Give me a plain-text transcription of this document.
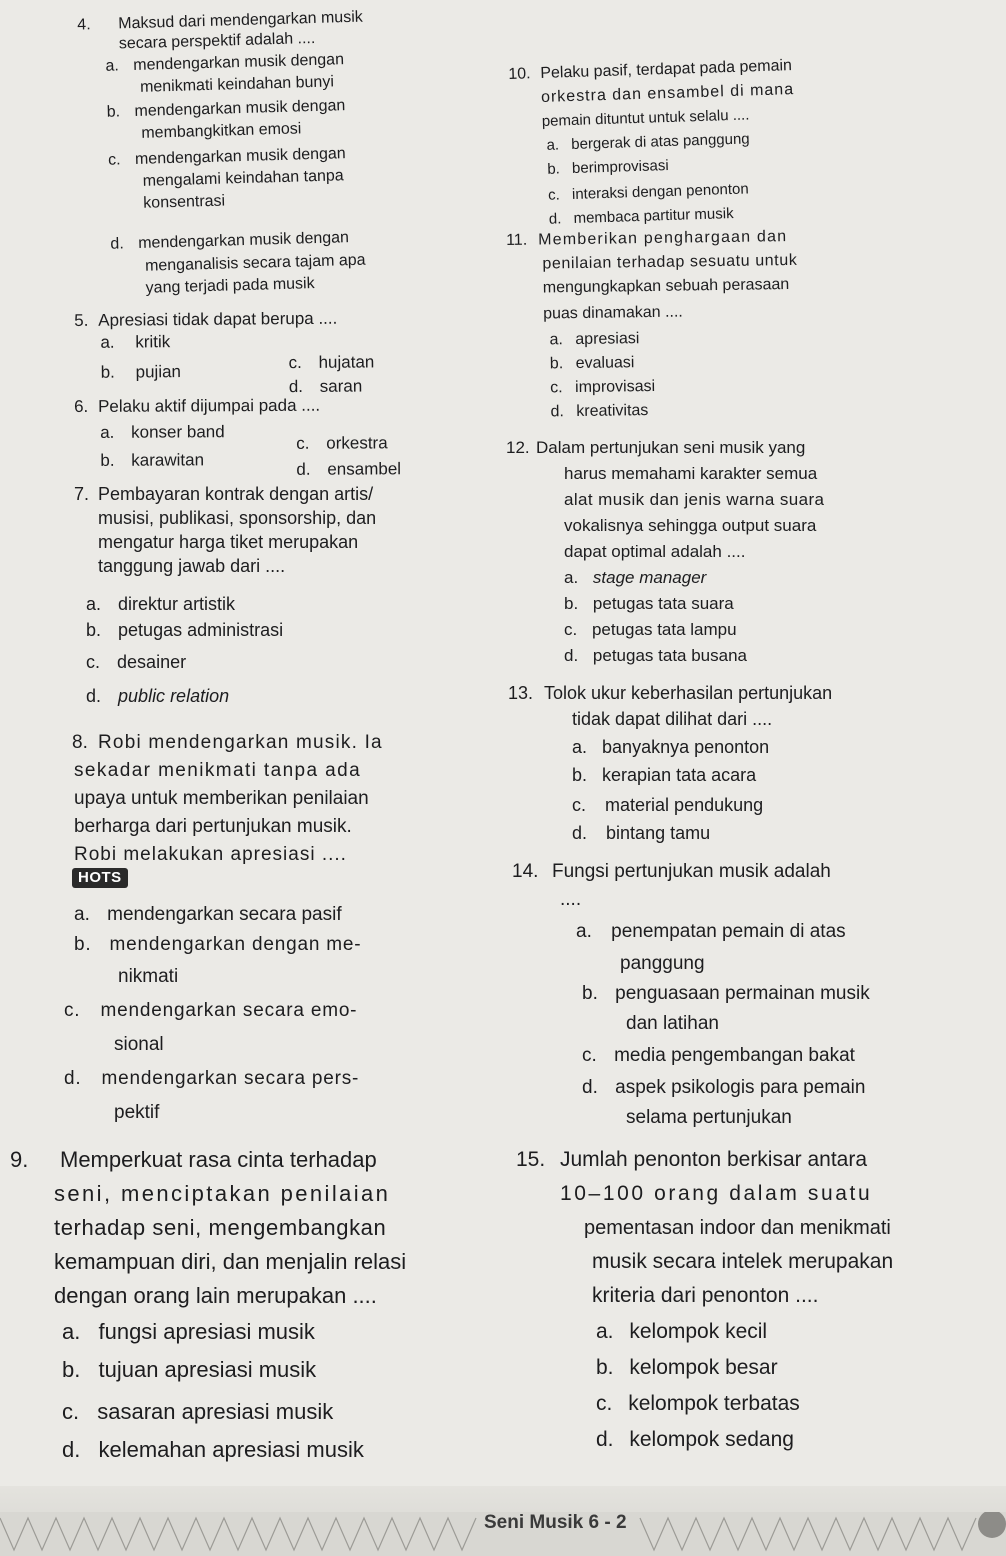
4. Maksud dari mendengarkan musik
secara perspektif adalah ....
a. mendengarkan musik dengan
menikmati keindahan bunyi
b. mendengarkan musik dengan
membangkitkan emosi
c. mendengarkan musik dengan
mengalami keindahan tanpa
konsentrasi
d. mendengarkan musik dengan
menganalisis secara tajam apa
yang terjadi pada musik
5. Apresiasi tidak dapat berupa ....
a. kritik
b. pujian	c. hujatan
d. saran
6. Pelaku aktif dijumpai pada ....
a. konser band
b. karawitan
c. orkestra
d. ensambel
7. Pembayaran kontrak dengan artis/
musisi, publikasi, sponsorship, dan
mengatur harga tiket merupakan
tanggung jawab dari ....
a. direktur artistik
b. petugas administrasi
c. desainer
d. public relation
8. Robi mendengarkan musik. Ia
sekadar menikmati tanpa ada
upaya untuk memberikan penilaian
berharga dari pertunjukan musik.
Robi melakukan apresiasi ....
a. mendengarkan secara pasif
b. mendengarkan dengan me-
nikmati
c. mendengarkan secara emo-
sional
d. mendengarkan secara pers-
pektif
HOTS
9. Memperkuat rasa cinta terhadap
seni, menciptakan penilaian
terhadap seni, mengembangkan
kemampuan diri, dan menjalin relasi
dengan orang lain merupakan ....
a. fungsi apresiasi musik
b. tujuan apresiasi musik
c. sasaran apresiasi musik
d. kelemahan apresiasi musik
10. Pelaku pasif, terdapat pada pemain
orkestra dan ensambel di mana
pemain dituntut untuk selalu ....
a. bergerak di atas panggung
b. berimprovisasi
c. interaksi dengan penonton
d. membaca partitur musik
11. Memberikan penghargaan dan
penilaian terhadap sesuatu untuk
mengungkapkan sebuah perasaan
puas dinamakan ....
a. apresiasi
b. evaluasi
c. improvisasi
d. kreativitas
12. Dalam pertunjukan seni musik yang
harus memahami karakter semua
alat musik dan jenis warna suara
vokalisnya sehingga output suara
dapat optimal adalah ....
a. stage manager
b. petugas tata suara
c. petugas tata lampu
d. petugas tata busana
13. Tolok ukur keberhasilan pertunjukan
tidak dapat dilihat dari ....
a. banyaknya penonton
b. kerapian tata acara
c. material pendukung
d. bintang tamu
14. Fungsi pertunjukan musik adalah
....
a. penempatan pemain di atas
panggung
b. penguasaan permainan musik
dan latihan
c. media pengembangan bakat
d. aspek psikologis para pemain
selama pertunjukan
15. Jumlah penonton berkisar antara
10–100 orang dalam suatu
pementasan indoor dan menikmati
musik secara intelek merupakan
kriteria dari penonton ....
a. kelompok kecil
b. kelompok besar
c. kelompok terbatas
d. kelompok sedang
Seni Musik 6 - 2
